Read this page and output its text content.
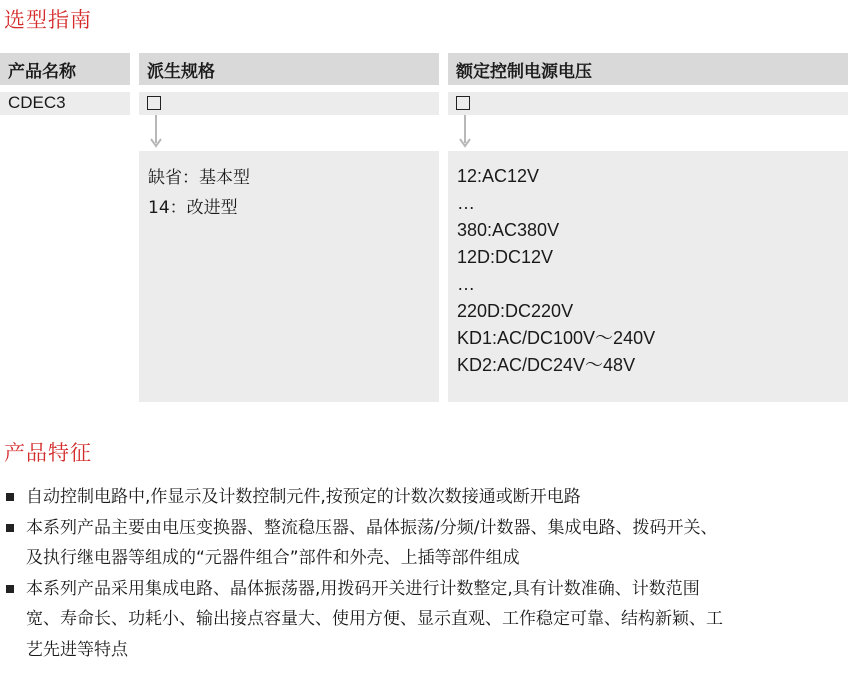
选型指南
产品名称	派生规格	额定控制电源电压
CDEC3
缺省：基本型
14：改进型
12:AC12V
…
380:AC380V
12D:DC12V
…
220D:DC220V
KD1:AC/DC100V～240V
KD2:AC/DC24V～48V
产品特征
自动控制电路中,作显示及计数控制元件,按预定的计数次数接通或断开电路
本系列产品主要由电压变换器、整流稳压器、晶体振荡/分频/计数器、集成电路、拨码开关、
及执行继电器等组成的“元器件组合”部件和外壳、上插等部件组成
本系列产品采用集成电路、晶体振荡器,用拨码开关进行计数整定,具有计数准确、计数范围
宽、寿命长、功耗小、输出接点容量大、使用方便、显示直观、工作稳定可靠、结构新颖、工
艺先进等特点
